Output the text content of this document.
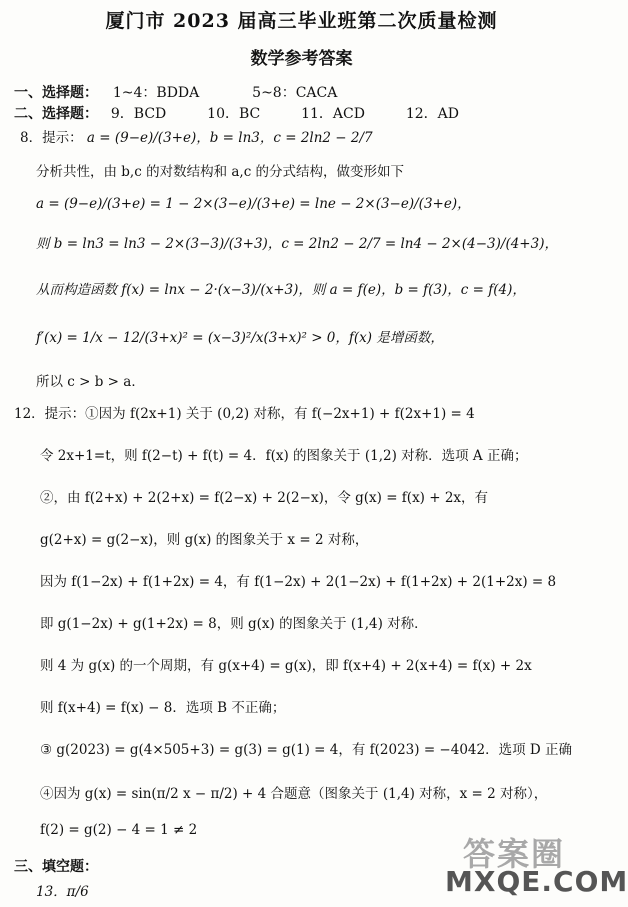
厦门市 2023 届高三毕业班第二次质量检测
数学参考答案
一、选择题： 1~4：BDDA	5~8：CACA
二、选择题： 9．BCD	10．BC	11．ACD	12．AD
8．提示： a = (9−e)/(3+e)，b = ln3，c = 2ln2 − 2/7
分析共性，由 b,c 的对数结构和 a,c 的分式结构，做变形如下
a = (9−e)/(3+e) = 1 − 2×(3−e)/(3+e) = lne − 2×(3−e)/(3+e)，
则 b = ln3 = ln3 − 2×(3−3)/(3+3)，c = 2ln2 − 2/7 = ln4 − 2×(4−3)/(4+3)，
从而构造函数 f(x) = lnx − 2·(x−3)/(x+3)，则 a = f(e)，b = f(3)，c = f(4)，
f′(x) = 1/x − 12/(3+x)² = (x−3)²/x(3+x)² > 0，f(x) 是增函数，
所以 c > b > a．
12．提示：①因为 f(2x+1) 关于 (0,2) 对称，有 f(−2x+1) + f(2x+1) = 4
令 2x+1=t，则 f(2−t) + f(t) = 4．f(x) 的图象关于 (1,2) 对称．选项 A 正确；
②，由 f(2+x) + 2(2+x) = f(2−x) + 2(2−x)，令 g(x) = f(x) + 2x，有
g(2+x) = g(2−x)，则 g(x) 的图象关于 x = 2 对称，
因为 f(1−2x) + f(1+2x) = 4，有 f(1−2x) + 2(1−2x) + f(1+2x) + 2(1+2x) = 8
即 g(1−2x) + g(1+2x) = 8，则 g(x) 的图象关于 (1,4) 对称．
则 4 为 g(x) 的一个周期，有 g(x+4) = g(x)，即 f(x+4) + 2(x+4) = f(x) + 2x
则 f(x+4) = f(x) − 8．选项 B 不正确；
③ g(2023) = g(4×505+3) = g(3) = g(1) = 4，有 f(2023) = −4042．选项 D 正确
④因为 g(x) = sin(π/2 x − π/2) + 4 合题意（图象关于 (1,4) 对称，x = 2 对称），
f(2) = g(2) − 4 = 1 ≠ 2
三、填空题：
13．π/6
答案圈
MXQE.COM
